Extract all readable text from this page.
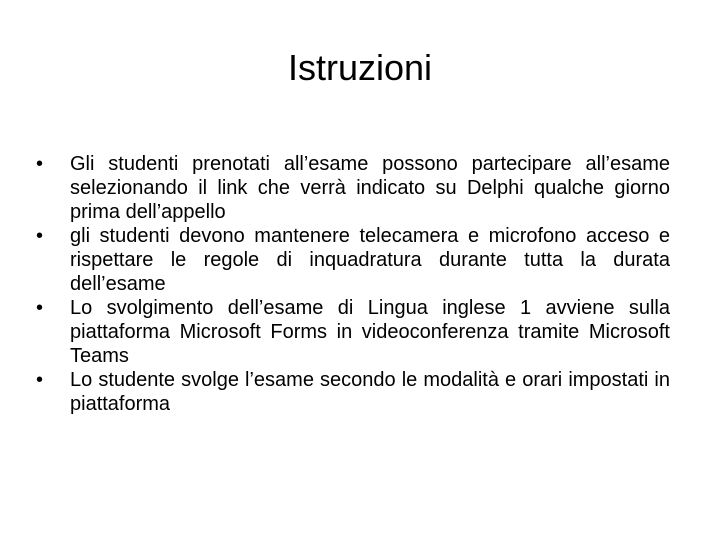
Istruzioni
•	Gli studenti prenotati all’esame possono partecipare all’esame selezionando il link che verrà indicato su Delphi qualche giorno prima dell’appello
•	gli studenti devono mantenere telecamera e microfono acceso e rispettare le regole di inquadratura durante tutta la durata dell’esame
•	Lo svolgimento dell’esame di Lingua inglese 1 avviene sulla piattaforma Microsoft Forms in videoconferenza tramite Microsoft Teams
•	Lo studente svolge l’esame secondo le modalità e orari impostati in piattaforma
